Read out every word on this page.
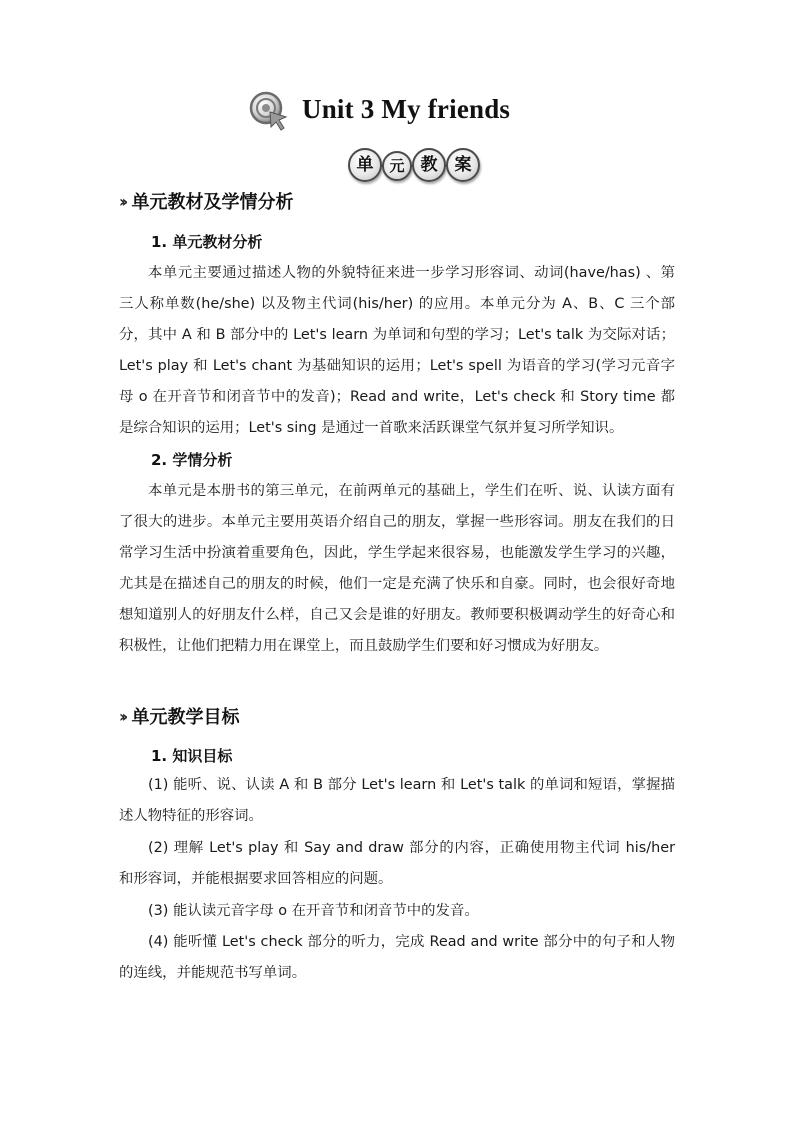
Unit 3 My friends
单	元 教	案
›› 单元教材及学情分析
1. 单元教材分析

本单元主要通过描述人物的外貌特征来进一步学习形容词、动词(have/has) 、第三人称单数(he/she) 以及物主代词(his/her) 的应用。本单元分为 A、B、C 三个部分，其中 A 和 B 部分中的 Let's learn 为单词和句型的学习；Let's talk 为交际对话；Let's play 和 Let's chant 为基础知识的运用；Let's spell 为语音的学习(学习元音字母 o 在开音节和闭音节中的发音)；Read and write，Let's check 和 Story time 都是综合知识的运用；Let's sing 是通过一首歌来活跃课堂气氛并复习所学知识。

2. 学情分析

本单元是本册书的第三单元，在前两单元的基础上，学生们在听、说、认读方面有了很大的进步。本单元主要用英语介绍自己的朋友，掌握一些形容词。朋友在我们的日常学习生活中扮演着重要角色，因此，学生学起来很容易，也能激发学生学习的兴趣，尤其是在描述自己的朋友的时候，他们一定是充满了快乐和自豪。同时，也会很好奇地想知道别人的好朋友什么样，自己又会是谁的好朋友。教师要积极调动学生的好奇心和积极性，让他们把精力用在课堂上，而且鼓励学生们要和好习惯成为好朋友。

›› 单元教学目标
1. 知识目标

(1) 能听、说、认读 A 和 B 部分 Let's learn 和 Let's talk 的单词和短语，掌握描述人物特征的形容词。

(2) 理解 Let's play 和 Say and draw 部分的内容，正确使用物主代词 his/her 和形容词，并能根据要求回答相应的问题。

(3) 能认读元音字母 o 在开音节和闭音节中的发音。

(4) 能听懂 Let's check 部分的听力，完成 Read and write 部分中的句子和人物的连线，并能规范书写单词。
